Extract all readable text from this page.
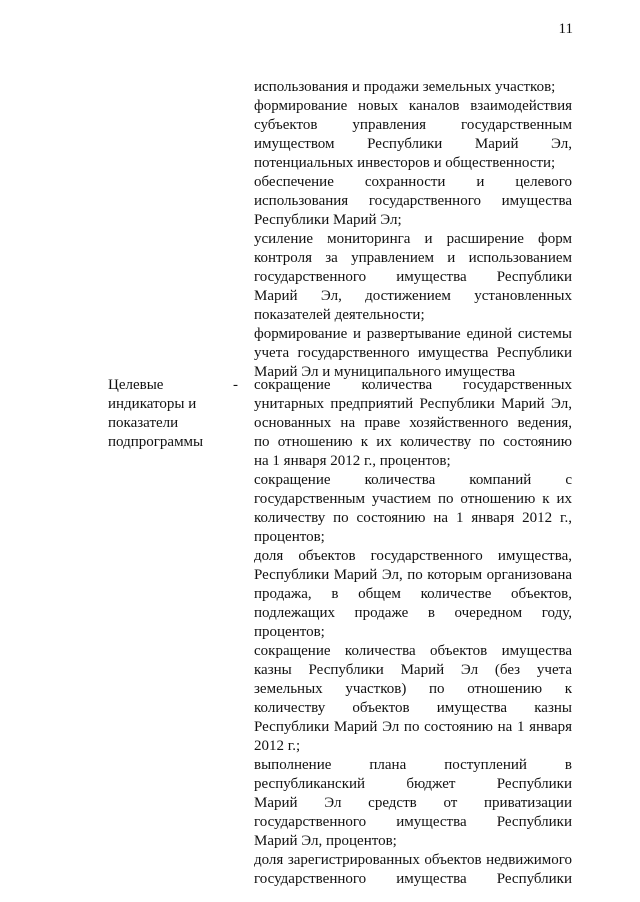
11
использования и продажи земельных участков;
формирование новых каналов взаимодействия
субъектов управления государственным
имуществом Республики Марий Эл,
потенциальных инвесторов и общественности;
обеспечение сохранности и целевого
использования государственного имущества
Республики Марий Эл;
усиление мониторинга и расширение форм
контроля за управлением и использованием
государственного имущества Республики
Марий Эл, достижением установленных
показателей деятельности;
формирование и развертывание единой системы
учета государственного имущества Республики
Марий Эл и муниципального имущества
Целевые
индикаторы и
показатели
подпрограммы
- сокращение количества государственных
унитарных предприятий Республики Марий Эл,
основанных на праве хозяйственного ведения,
по отношению к их количеству по состоянию
на 1 января 2012 г., процентов;
сокращение количества компаний с
государственным участием по отношению к их
количеству по состоянию на 1 января 2012 г.,
процентов;
доля объектов государственного имущества,
Республики Марий Эл, по которым организована
продажа, в общем количестве объектов,
подлежащих продаже в очередном году,
процентов;
сокращение количества объектов имущества
казны Республики Марий Эл (без учета
земельных участков) по отношению к
количеству объектов имущества казны
Республики Марий Эл по состоянию на 1 января
2012 г.;
выполнение плана поступлений в
республиканский бюджет Республики
Марий Эл средств от приватизации
государственного имущества Республики
Марий Эл, процентов;
доля зарегистрированных объектов недвижимого
государственного имущества Республики
